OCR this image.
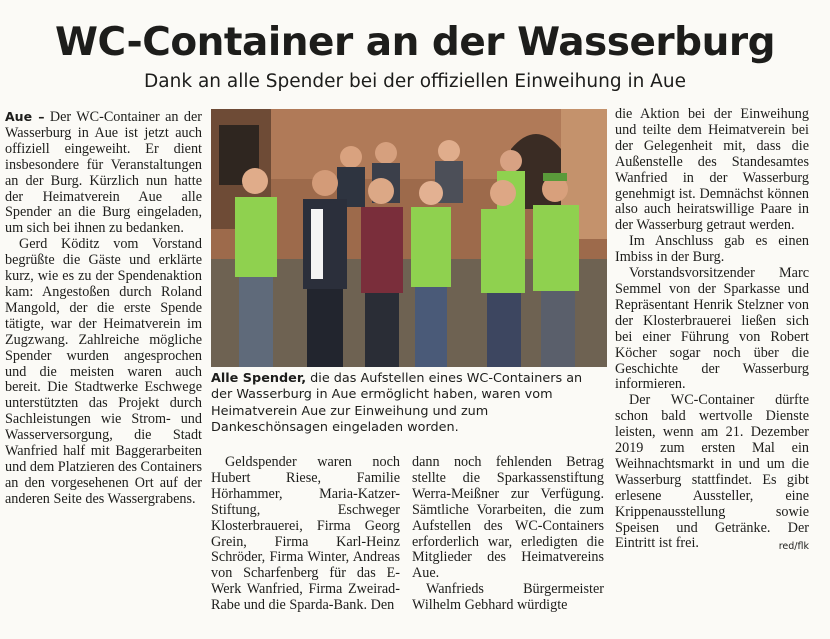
WC-Container an der Wasserburg
Dank an alle Spender bei der offiziellen Einweihung in Aue

Aue – Der WC-Container an der Wasserburg in Aue ist jetzt auch offiziell eingeweiht. Er dient insbesondere für Veranstaltungen an der Burg. Kürzlich nun hatte der Heimatverein Aue alle Spender an die Burg eingeladen, um sich bei ihnen zu bedanken.

Gerd Köditz vom Vorstand begrüßte die Gäste und erklärte kurz, wie es zu der Spendenaktion kam: Angestoßen durch Roland Mangold, der die erste Spende tätigte, war der Heimatverein im Zugzwang. Zahlreiche mögliche Spender wurden angesprochen und die meisten waren auch bereit. Die Stadtwerke Eschwege unterstützten das Projekt durch Sachleistungen wie Strom- und Wasserversorgung, die Stadt Wanfried half mit Baggerarbeiten und dem Platzieren des Containers an den vorgesehenen Ort auf der anderen Seite des Wassergrabens.

Alle Spender, die das Aufstellen eines WC-Containers an der Wasserburg in Aue ermöglicht haben, waren vom Heimatverein Aue zur Einweihung und zum Dankeschönsagen eingeladen worden.

Geldspender waren noch Hubert Riese, Familie Hörhammer, Maria-Katzer-Stiftung, Eschweger Klosterbrauerei, Firma Georg Grein, Firma Karl-Heinz Schröder, Firma Winter, Andreas von Scharfenberg für das E-Werk Wanfried, Firma Zweirad-Rabe und die Sparda-Bank. Den

dann noch fehlenden Betrag stellte die Sparkassenstiftung Werra-Meißner zur Verfügung. Sämtliche Vorarbeiten, die zum Aufstellen des WC-Containers erforderlich war, erledigten die Mitglieder des Heimatvereins Aue.

Wanfrieds Bürgermeister Wilhelm Gebhard würdigte

die Aktion bei der Einweihung und teilte dem Heimatverein bei der Gelegenheit mit, dass die Außenstelle des Standesamtes Wanfried in der Wasserburg genehmigt ist. Demnächst können also auch heiratswillige Paare in der Wasserburg getraut werden.

Im Anschluss gab es einen Imbiss in der Burg.

Vorstandsvorsitzender Marc Semmel von der Sparkasse und Repräsentant Henrik Stelzner von der Klosterbrauerei ließen sich bei einer Führung von Robert Köcher sogar noch über die Geschichte der Wasserburg informieren.

Der WC-Container dürfte schon bald wertvolle Dienste leisten, wenn am 21. Dezember 2019 zum ersten Mal ein Weihnachtsmarkt in und um die Wasserburg stattfindet. Es gibt erlesene Aussteller, eine Krippenausstellung sowie Speisen und Getränke. Der Eintritt ist frei.	red/flk
